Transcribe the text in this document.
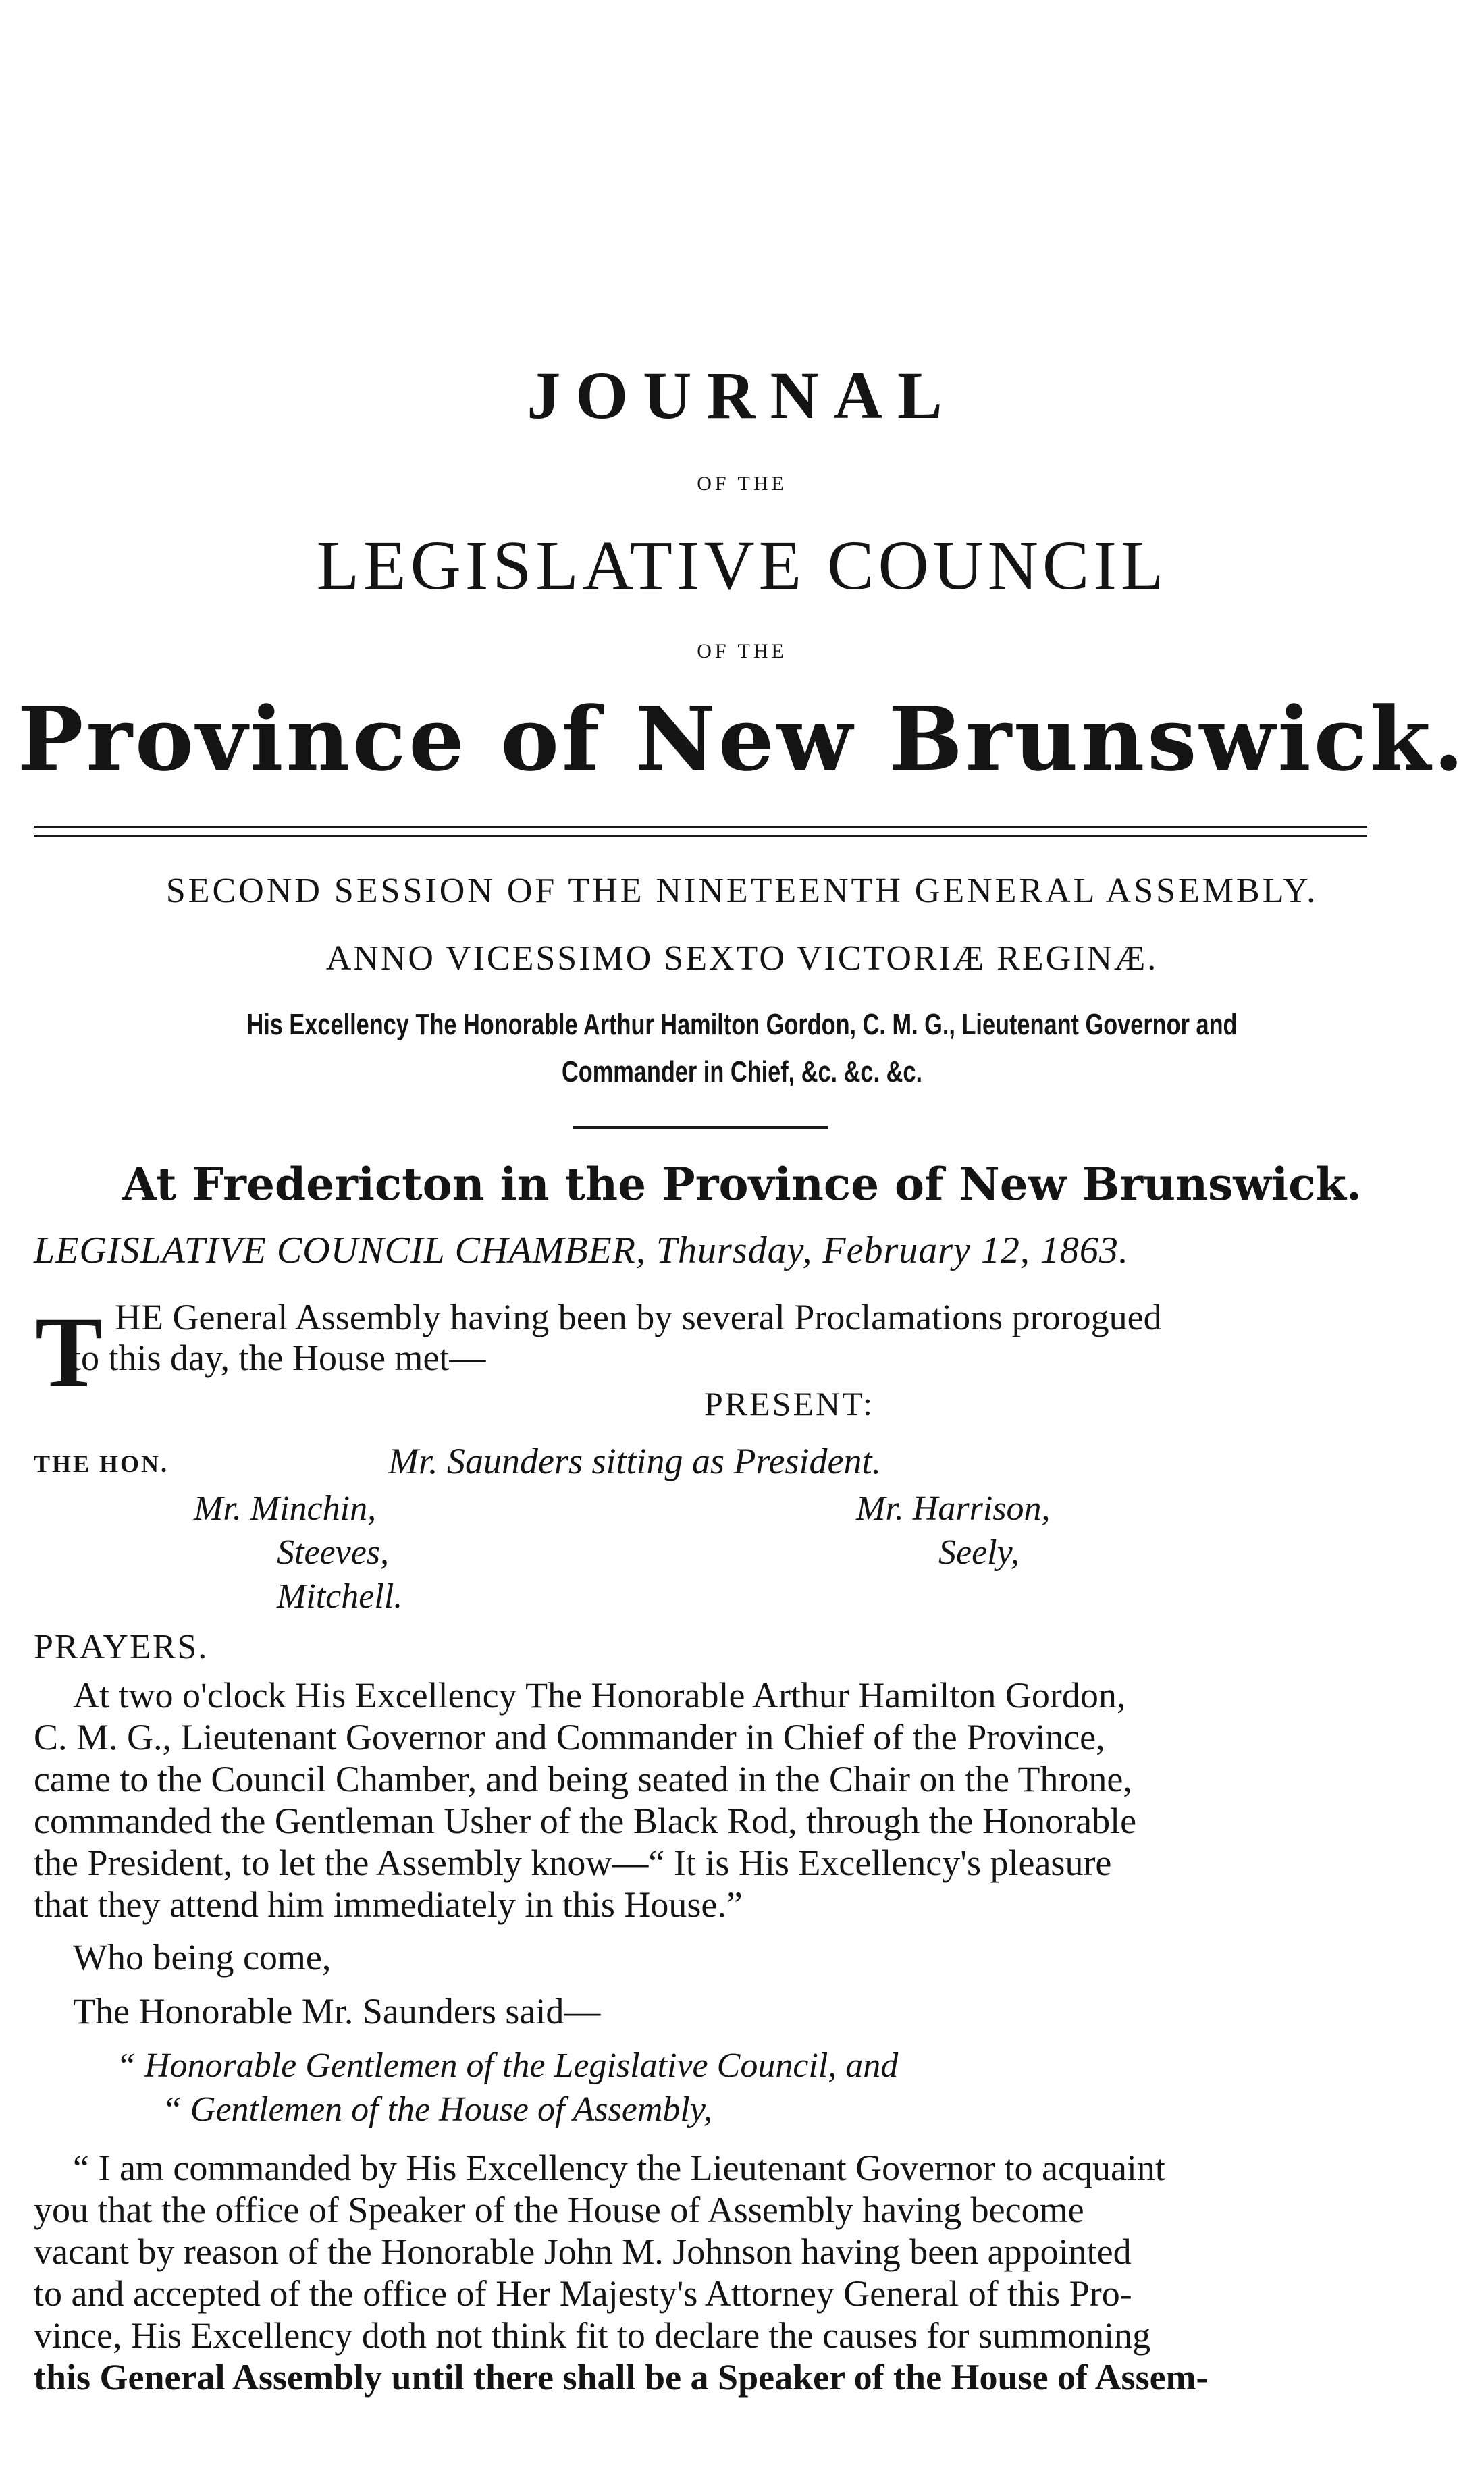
JOURNAL
OF THE
LEGISLATIVE COUNCIL
OF THE
Province of New Brunswick.
SECOND SESSION OF THE NINETEENTH GENERAL ASSEMBLY.
ANNO VICESSIMO SEXTO VICTORIÆ REGINÆ.
His Excellency The Honorable Arthur Hamilton Gordon, C. M. G., Lieutenant Governor and
Commander in Chief, &c. &c. &c.
At Fredericton in the Province of New Brunswick.
LEGISLATIVE COUNCIL CHAMBER, Thursday, February 12, 1863.
T HE General Assembly having been by several Proclamations prorogued
to this day, the House met—
PRESENT:
THE HON.	Mr. Saunders sitting as President.
Mr. Minchin,
Steeves,
Mitchell.
Mr. Harrison,
Seely,
PRAYERS.
At two o'clock His Excellency The Honorable Arthur Hamilton Gordon,
C. M. G., Lieutenant Governor and Commander in Chief of the Province,
came to the Council Chamber, and being seated in the Chair on the Throne,
commanded the Gentleman Usher of the Black Rod, through the Honorable
the President, to let the Assembly know—“ It is His Excellency's pleasure
that they attend him immediately in this House.”
Who being come,
The Honorable Mr. Saunders said—
“ Honorable Gentlemen of the Legislative Council, and
“ Gentlemen of the House of Assembly,
“ I am commanded by His Excellency the Lieutenant Governor to acquaint
you that the office of Speaker of the House of Assembly having become
vacant by reason of the Honorable John M. Johnson having been appointed
to and accepted of the office of Her Majesty's Attorney General of this Pro-
vince, His Excellency doth not think fit to declare the causes for summoning
this General Assembly until there shall be a Speaker of the House of Assem-
